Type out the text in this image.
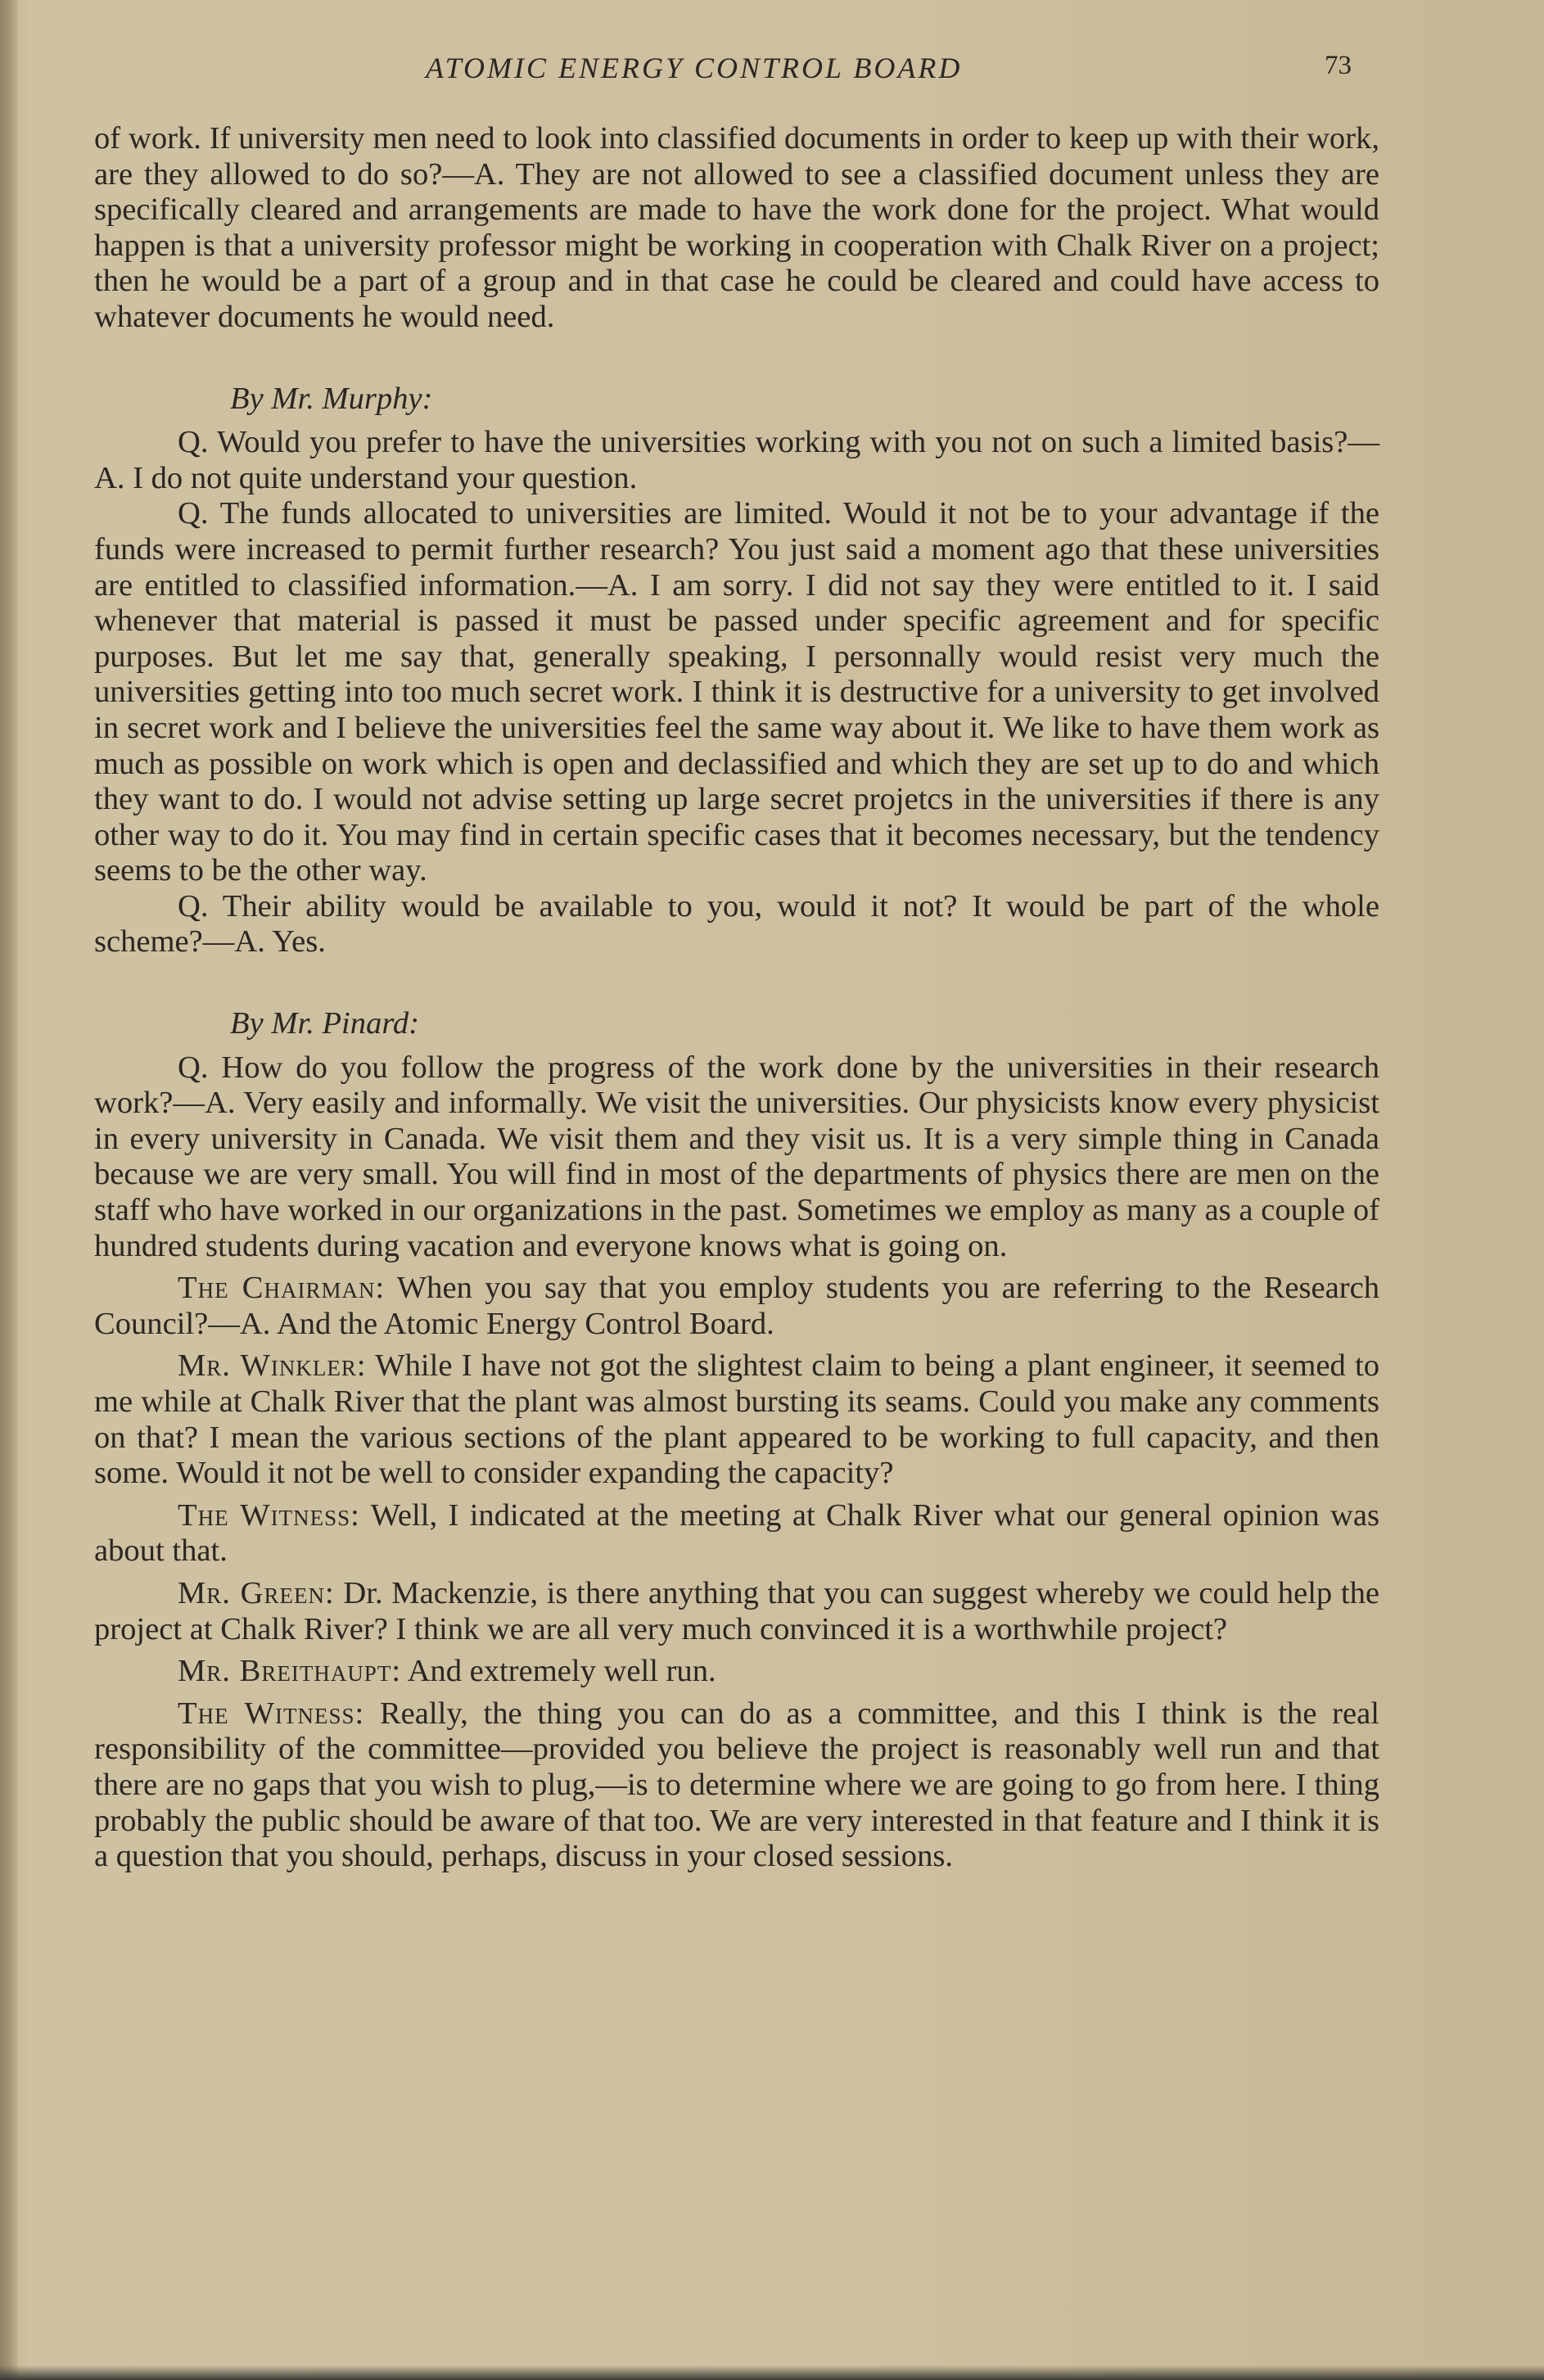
ATOMIC ENERGY CONTROL BOARD	73

of work. If university men need to look into classified documents in order to keep up with their work, are they allowed to do so?—A. They are not allowed to see a classified document unless they are specifically cleared and arrangements are made to have the work done for the project. What would happen is that a university professor might be working in cooperation with Chalk River on a project; then he would be a part of a group and in that case he could be cleared and could have access to whatever documents he would need.

By Mr. Murphy:

Q. Would you prefer to have the universities working with you not on such a limited basis?—A. I do not quite understand your question.

Q. The funds allocated to universities are limited. Would it not be to your advantage if the funds were increased to permit further research? You just said a moment ago that these universities are entitled to classified information.—A. I am sorry. I did not say they were entitled to it. I said whenever that material is passed it must be passed under specific agreement and for specific purposes. But let me say that, generally speaking, I personnally would resist very much the universities getting into too much secret work. I think it is destructive for a university to get involved in secret work and I believe the universities feel the same way about it. We like to have them work as much as possible on work which is open and declassified and which they are set up to do and which they want to do. I would not advise setting up large secret projetcs in the universities if there is any other way to do it. You may find in certain specific cases that it becomes necessary, but the tendency seems to be the other way.

Q. Their ability would be available to you, would it not? It would be part of the whole scheme?—A. Yes.

By Mr. Pinard:

Q. How do you follow the progress of the work done by the universities in their research work?—A. Very easily and informally. We visit the universities. Our physicists know every physicist in every university in Canada. We visit them and they visit us. It is a very simple thing in Canada because we are very small. You will find in most of the departments of physics there are men on the staff who have worked in our organizations in the past. Sometimes we employ as many as a couple of hundred students during vacation and everyone knows what is going on.

The Chairman: When you say that you employ students you are referring to the Research Council?—A. And the Atomic Energy Control Board.

Mr. Winkler: While I have not got the slightest claim to being a plant engineer, it seemed to me while at Chalk River that the plant was almost bursting its seams. Could you make any comments on that? I mean the various sections of the plant appeared to be working to full capacity, and then some. Would it not be well to consider expanding the capacity?

The Witness: Well, I indicated at the meeting at Chalk River what our general opinion was about that.

Mr. Green: Dr. Mackenzie, is there anything that you can suggest whereby we could help the project at Chalk River? I think we are all very much convinced it is a worthwhile project?

Mr. Breithaupt: And extremely well run.

The Witness: Really, the thing you can do as a committee, and this I think is the real responsibility of the committee—provided you believe the project is reasonably well run and that there are no gaps that you wish to plug,—is to determine where we are going to go from here. I thing probably the public should be aware of that too. We are very interested in that feature and I think it is a question that you should, perhaps, discuss in your closed sessions.
